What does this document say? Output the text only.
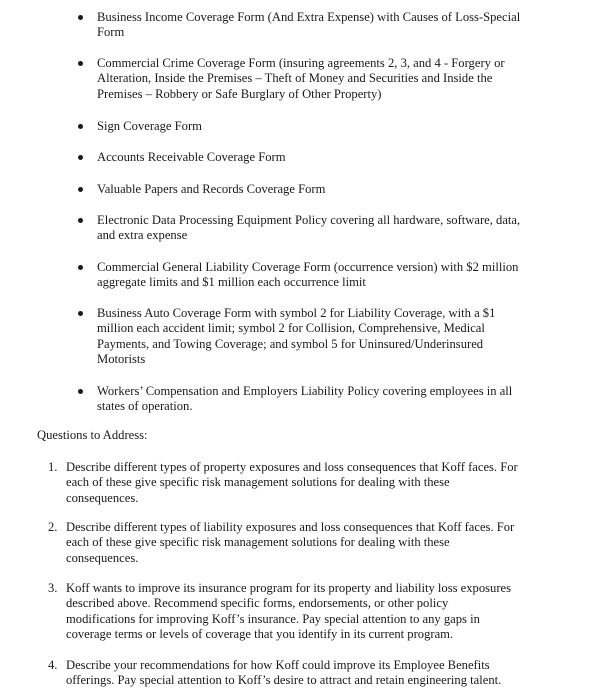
Business Income Coverage Form (And Extra Expense) with Causes of Loss-Special
Form
Commercial Crime Coverage Form (insuring agreements 2, 3, and 4 - Forgery or
Alteration, Inside the Premises – Theft of Money and Securities and Inside the
Premises – Robbery or Safe Burglary of Other Property)
Sign Coverage Form
Accounts Receivable Coverage Form
Valuable Papers and Records Coverage Form
Electronic Data Processing Equipment Policy covering all hardware, software, data,
and extra expense
Commercial General Liability Coverage Form (occurrence version) with $2 million
aggregate limits and $1 million each occurrence limit
Business Auto Coverage Form with symbol 2 for Liability Coverage, with a $1
million each accident limit; symbol 2 for Collision, Comprehensive, Medical
Payments, and Towing Coverage; and symbol 5 for Uninsured/Underinsured
Motorists
Workers’ Compensation and Employers Liability Policy covering employees in all
states of operation.
1. Describe different types of property exposures and loss consequences that Koff faces. For
each of these give specific risk management solutions for dealing with these
consequences.
2. Describe different types of liability exposures and loss consequences that Koff faces. For
each of these give specific risk management solutions for dealing with these
consequences.
3. Koff wants to improve its insurance program for its property and liability loss exposures
described above. Recommend specific forms, endorsements, or other policy
modifications for improving Koff’s insurance. Pay special attention to any gaps in
coverage terms or levels of coverage that you identify in its current program.
4. Describe your recommendations for how Koff could improve its Employee Benefits
offerings. Pay special attention to Koff’s desire to attract and retain engineering talent.
Questions to Address:
